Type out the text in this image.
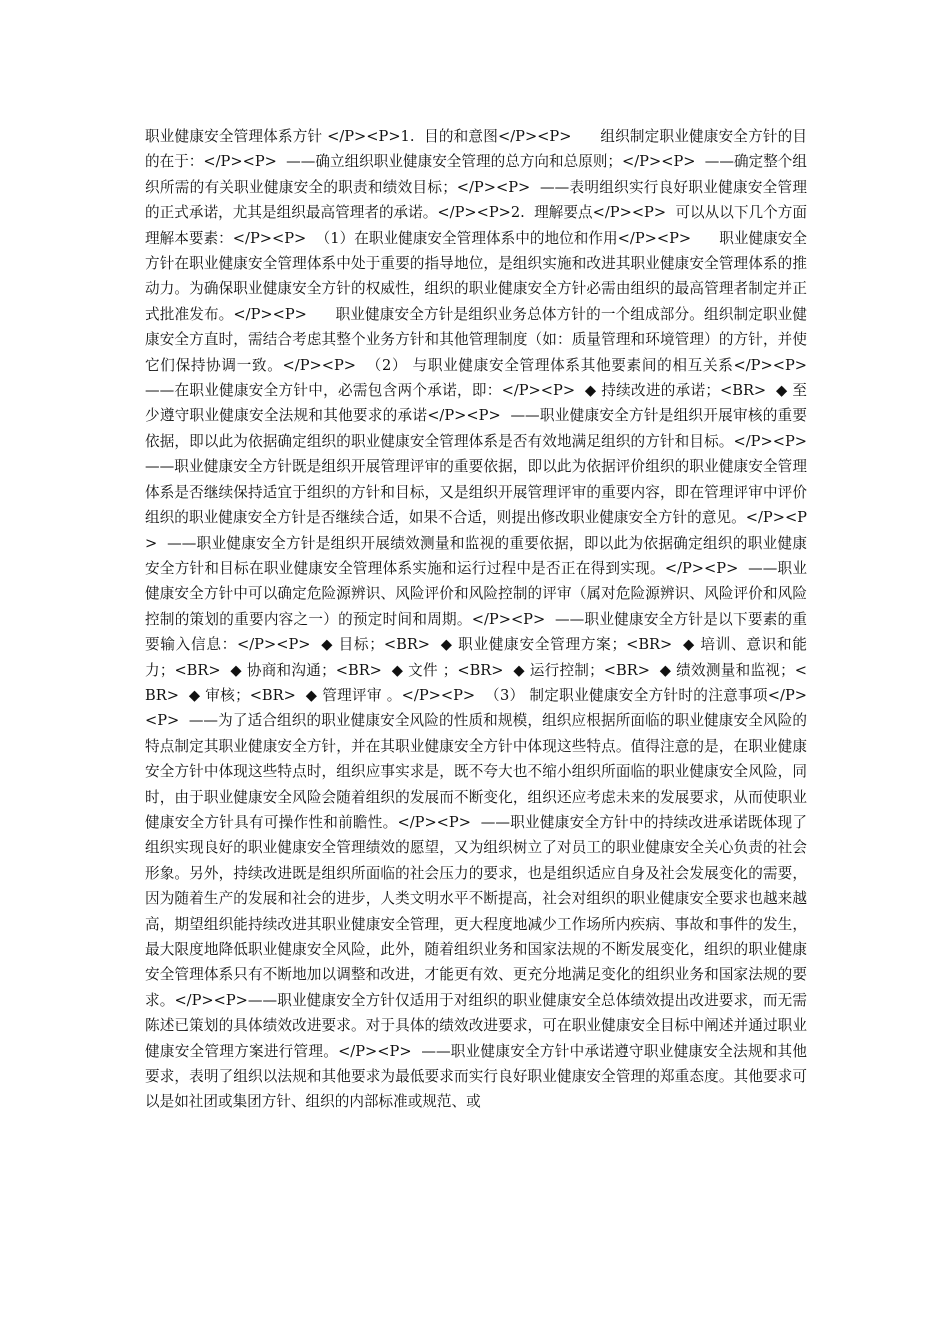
职业健康安全管理体系方针 </P><P>1.  目的和意图</P><P>      组织制定职业健康安全方针的目的在于：</P><P>  ——确立组织职业健康安全管理的总方向和总原则；</P><P>  ——确定整个组织所需的有关职业健康安全的职责和绩效目标；</P><P>  ——表明组织实行良好职业健康安全管理的正式承诺，尤其是组织最高管理者的承诺。</P><P>2.  理解要点</P><P>  可以从以下几个方面理解本要素：</P><P>  （1）在职业健康安全管理体系中的地位和作用</P><P>      职业健康安全方针在职业健康安全管理体系中处于重要的指导地位，是组织实施和改进其职业健康安全管理体系的推动力。为确保职业健康安全方针的权威性，组织的职业健康安全方针必需由组织的最高管理者制定并正式批准发布。</P><P>      职业健康安全方针是组织业务总体方针的一个组成部分。组织制定职业健康安全方直时，需结合考虑其整个业务方针和其他管理制度（如：质量管理和环境管理）的方针，并使它们保持协调一致。</P><P>  （2） 与职业健康安全管理体系其他要素间的相互关系</P><P>  ——在职业健康安全方针中，必需包含两个承诺，即：</P><P>  ◆ 持续改进的承诺；<BR>  ◆ 至少遵守职业健康安全法规和其他要求的承诺</P><P>  ——职业健康安全方针是组织开展审核的重要依据，即以此为依据确定组织的职业健康安全管理体系是否有效地满足组织的方针和目标。</P><P>  ——职业健康安全方针既是组织开展管理评审的重要依据，即以此为依据评价组织的职业健康安全管理体系是否继续保持适宜于组织的方针和目标，又是组织开展管理评审的重要内容，即在管理评审中评价组织的职业健康安全方针是否继续合适，如果不合适，则提出修改职业健康安全方针的意见。</P><P>  ——职业健康安全方针是组织开展绩效测量和监视的重要依据，即以此为依据确定组织的职业健康安全方针和目标在职业健康安全管理体系实施和运行过程中是否正在得到实现。</P><P>  ——职业健康安全方针中可以确定危险源辨识、风险评价和风险控制的评审（属对危险源辨识、风险评价和风险控制的策划的重要内容之一）的预定时间和周期。</P><P>  ——职业健康安全方针是以下要素的重要输入信息：</P><P>  ◆ 目标；<BR>  ◆ 职业健康安全管理方案；<BR>  ◆ 培训、意识和能力；<BR>  ◆ 协商和沟通；<BR>  ◆ 文件 ；<BR>  ◆ 运行控制；<BR>  ◆ 绩效测量和监视；<BR>  ◆ 审核；<BR>  ◆ 管理评审 。</P><P>  （3） 制定职业健康安全方针时的注意事项</P><P>  ——为了适合组织的职业健康安全风险的性质和规模，组织应根据所面临的职业健康安全风险的特点制定其职业健康安全方针，并在其职业健康安全方针中体现这些特点。值得注意的是，在职业健康安全方针中体现这些特点时，组织应事实求是，既不夸大也不缩小组织所面临的职业健康安全风险，同时，由于职业健康安全风险会随着组织的发展而不断变化，组织还应考虑未来的发展要求，从而使职业健康安全方针具有可操作性和前瞻性。</P><P>  ——职业健康安全方针中的持续改进承诺既体现了组织实现良好的职业健康安全管理绩效的愿望，又为组织树立了对员工的职业健康安全关心负责的社会形象。另外，持续改进既是组织所面临的社会压力的要求，也是组织适应自身及社会发展变化的需要，因为随着生产的发展和社会的进步，人类文明水平不断提高，社会对组织的职业健康安全要求也越来越高，期望组织能持续改进其职业健康安全管理，更大程度地减少工作场所内疾病、事故和事件的发生，最大限度地降低职业健康安全风险，此外，随着组织业务和国家法规的不断发展变化，组织的职业健康安全管理体系只有不断地加以调整和改进，才能更有效、更充分地满足变化的组织业务和国家法规的要求。</P><P>——职业健康安全方针仅适用于对组织的职业健康安全总体绩效提出改进要求，而无需陈述已策划的具体绩效改进要求。对于具体的绩效改进要求，可在职业健康安全目标中阐述并通过职业健康安全管理方案进行管理。</P><P>  ——职业健康安全方针中承诺遵守职业健康安全法规和其他要求，表明了组织以法规和其他要求为最低要求而实行良好职业健康安全管理的郑重态度。其他要求可以是如社团或集团方针、组织的内部标准或规范、或
